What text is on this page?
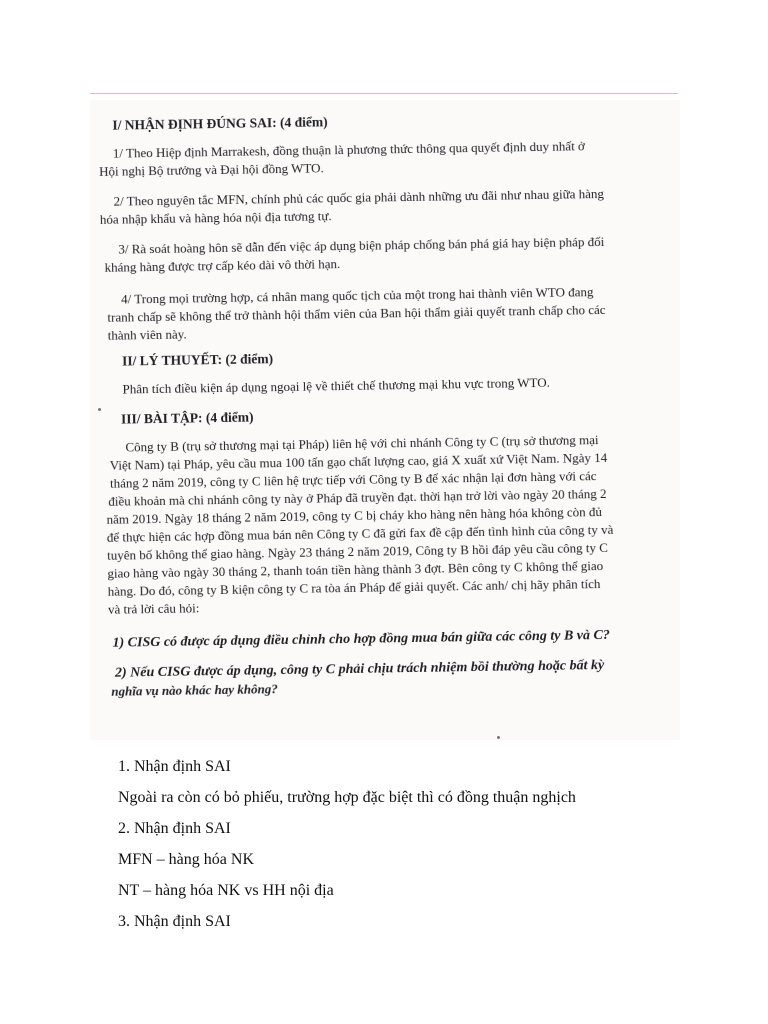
I/ NHẬN ĐỊNH ĐÚNG SAI: (4 điểm)
1/ Theo Hiệp định Marrakesh, đồng thuận là phương thức thông qua quyết định duy nhất ở
Hội nghị Bộ trưởng và Đại hội đồng WTO.
2/ Theo nguyên tắc MFN, chính phủ các quốc gia phải dành những ưu đãi như nhau giữa hàng
hóa nhập khẩu và hàng hóa nội địa tương tự.
3/ Rà soát hoàng hôn sẽ dẫn đến việc áp dụng biện pháp chống bán phá giá hay biện pháp đối
kháng hàng được trợ cấp kéo dài vô thời hạn.
4/ Trong mọi trường hợp, cá nhân mang quốc tịch của một trong hai thành viên WTO đang
tranh chấp sẽ không thể trở thành hội thẩm viên của Ban hội thẩm giải quyết tranh chấp cho các
thành viên này.
II/ LÝ THUYẾT: (2 điểm)
Phân tích điều kiện áp dụng ngoại lệ về thiết chế thương mại khu vực trong WTO.
III/ BÀI TẬP: (4 điểm)
Công ty B (trụ sở thương mại tại Pháp) liên hệ với chi nhánh Công ty C (trụ sở thương mại
Việt Nam) tại Pháp, yêu cầu mua 100 tấn gạo chất lượng cao, giá X xuất xứ Việt Nam. Ngày 14
tháng 2 năm 2019, công ty C liên hệ trực tiếp với Công ty B để xác nhận lại đơn hàng với các
điều khoản mà chi nhánh công ty này ở Pháp đã truyền đạt. thời hạn trở lời vào ngày 20 tháng 2
năm 2019. Ngày 18 tháng 2 năm 2019, công ty C bị cháy kho hàng nên hàng hóa không còn đủ
để thực hiện các hợp đồng mua bán nên Công ty C đã gửi fax đề cập đến tình hình của công ty và
tuyên bố không thể giao hàng. Ngày 23 tháng 2 năm 2019, Công ty B hồi đáp yêu cầu công ty C
giao hàng vào ngày 30 tháng 2, thanh toán tiền hàng thành 3 đợt. Bên công ty C không thể giao
hàng. Do đó, công ty B kiện công ty C ra tòa án Pháp để giải quyết. Các anh/ chị hãy phân tích
và trả lời câu hỏi:
1) CISG có được áp dụng điều chỉnh cho hợp đồng mua bán giữa các công ty B và C?
2) Nếu CISG được áp dụng, công ty C phải chịu trách nhiệm bồi thường hoặc bất kỳ
nghĩa vụ nào khác hay không?
1. Nhận định SAI
Ngoài ra còn có bỏ phiếu, trường hợp đặc biệt thì có đồng thuận nghịch
2. Nhận định SAI
MFN – hàng hóa NK
NT – hàng hóa NK vs HH nội địa
3. Nhận định SAI
